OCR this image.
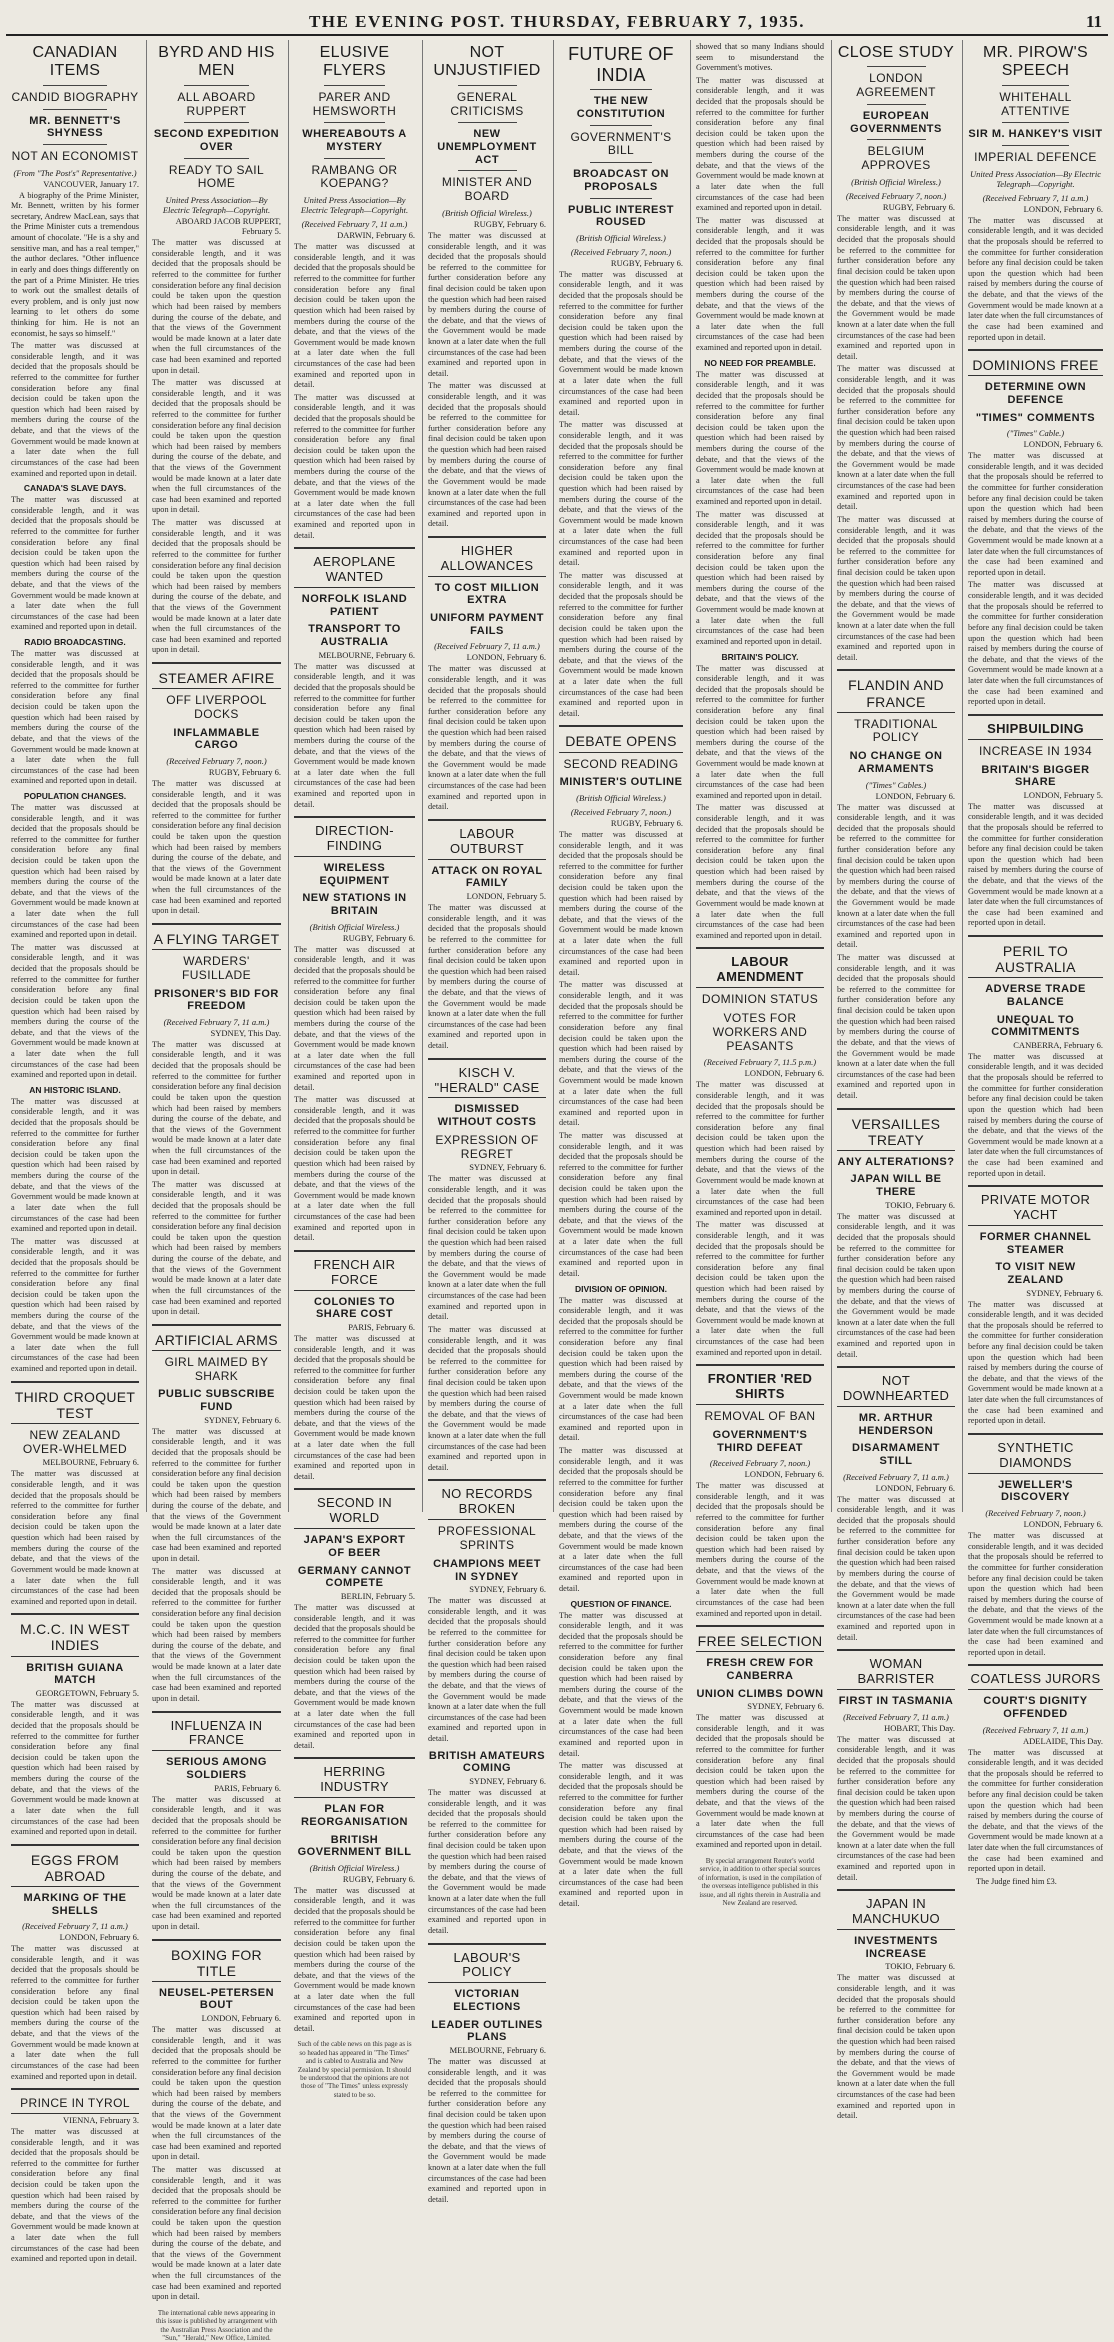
THE EVENING POST. THURSDAY, FEBRUARY 7, 1935.	11
CANADIAN ITEMS
CANDID BIOGRAPHY
MR. BENNETT'S SHYNESS
NOT AN ECONOMIST
(From "The Post's" Representative.)
VANCOUVER, January 17.
A biography of the Prime Minister, Mr. Bennett, written by his former secretary, Andrew MacLean, says that the Prime Minister cuts a tremendous amount of chocolate. "He is a shy and sensitive man, and has a real temper," the author declares. "Other influence in early and does things differently on the part of a Prime Minister. He tries to work out the smallest details of every problem, and is only just now learning to let others do some thinking for him. He is not an economist, he says so himself."
The matter was discussed at considerable length, and it was decided that the proposals should be referred to the committee for further consideration before any final decision could be taken upon the question which had been raised by members during the course of the debate, and that the views of the Government would be made known at a later date when the full circumstances of the case had been examined and reported upon in detail.
CANADA'S SLAVE DAYS.
The matter was discussed at considerable length, and it was decided that the proposals should be referred to the committee for further consideration before any final decision could be taken upon the question which had been raised by members during the course of the debate, and that the views of the Government would be made known at a later date when the full circumstances of the case had been examined and reported upon in detail.
RADIO BROADCASTING.
The matter was discussed at considerable length, and it was decided that the proposals should be referred to the committee for further consideration before any final decision could be taken upon the question which had been raised by members during the course of the debate, and that the views of the Government would be made known at a later date when the full circumstances of the case had been examined and reported upon in detail.
POPULATION CHANGES.
The matter was discussed at considerable length, and it was decided that the proposals should be referred to the committee for further consideration before any final decision could be taken upon the question which had been raised by members during the course of the debate, and that the views of the Government would be made known at a later date when the full circumstances of the case had been examined and reported upon in detail.
The matter was discussed at considerable length, and it was decided that the proposals should be referred to the committee for further consideration before any final decision could be taken upon the question which had been raised by members during the course of the debate, and that the views of the Government would be made known at a later date when the full circumstances of the case had been examined and reported upon in detail.
AN HISTORIC ISLAND.
The matter was discussed at considerable length, and it was decided that the proposals should be referred to the committee for further consideration before any final decision could be taken upon the question which had been raised by members during the course of the debate, and that the views of the Government would be made known at a later date when the full circumstances of the case had been examined and reported upon in detail.
The matter was discussed at considerable length, and it was decided that the proposals should be referred to the committee for further consideration before any final decision could be taken upon the question which had been raised by members during the course of the debate, and that the views of the Government would be made known at a later date when the full circumstances of the case had been examined and reported upon in detail.
THIRD CROQUET TEST
NEW ZEALAND OVER-WHELMED
MELBOURNE, February 6.
The matter was discussed at considerable length, and it was decided that the proposals should be referred to the committee for further consideration before any final decision could be taken upon the question which had been raised by members during the course of the debate, and that the views of the Government would be made known at a later date when the full circumstances of the case had been examined and reported upon in detail.
M.C.C. IN WEST INDIES
BRITISH GUIANA MATCH
GEORGETOWN, February 5.
The matter was discussed at considerable length, and it was decided that the proposals should be referred to the committee for further consideration before any final decision could be taken upon the question which had been raised by members during the course of the debate, and that the views of the Government would be made known at a later date when the full circumstances of the case had been examined and reported upon in detail.
EGGS FROM ABROAD
MARKING OF THE SHELLS
(Received February 7, 11 a.m.)
LONDON, February 6.
The matter was discussed at considerable length, and it was decided that the proposals should be referred to the committee for further consideration before any final decision could be taken upon the question which had been raised by members during the course of the debate, and that the views of the Government would be made known at a later date when the full circumstances of the case had been examined and reported upon in detail.
PRINCE IN TYROL
VIENNA, February 3.
The matter was discussed at considerable length, and it was decided that the proposals should be referred to the committee for further consideration before any final decision could be taken upon the question which had been raised by members during the course of the debate, and that the views of the Government would be made known at a later date when the full circumstances of the case had been examined and reported upon in detail.
BYRD AND HIS MEN
ALL ABOARD RUPPERT
SECOND EXPEDITION OVER
READY TO SAIL HOME
United Press Association—By Electric Telegraph—Copyright.
ABOARD JACOB RUPPERT, February 5.
The matter was discussed at considerable length, and it was decided that the proposals should be referred to the committee for further consideration before any final decision could be taken upon the question which had been raised by members during the course of the debate, and that the views of the Government would be made known at a later date when the full circumstances of the case had been examined and reported upon in detail.
The matter was discussed at considerable length, and it was decided that the proposals should be referred to the committee for further consideration before any final decision could be taken upon the question which had been raised by members during the course of the debate, and that the views of the Government would be made known at a later date when the full circumstances of the case had been examined and reported upon in detail.
The matter was discussed at considerable length, and it was decided that the proposals should be referred to the committee for further consideration before any final decision could be taken upon the question which had been raised by members during the course of the debate, and that the views of the Government would be made known at a later date when the full circumstances of the case had been examined and reported upon in detail.
STEAMER AFIRE
OFF LIVERPOOL DOCKS
INFLAMMABLE CARGO
(Received February 7, noon.)
RUGBY, February 6.
The matter was discussed at considerable length, and it was decided that the proposals should be referred to the committee for further consideration before any final decision could be taken upon the question which had been raised by members during the course of the debate, and that the views of the Government would be made known at a later date when the full circumstances of the case had been examined and reported upon in detail.
A FLYING TARGET
WARDERS' FUSILLADE
PRISONER'S BID FOR FREEDOM
(Received February 7, 11 a.m.)
SYDNEY, This Day.
The matter was discussed at considerable length, and it was decided that the proposals should be referred to the committee for further consideration before any final decision could be taken upon the question which had been raised by members during the course of the debate, and that the views of the Government would be made known at a later date when the full circumstances of the case had been examined and reported upon in detail.
The matter was discussed at considerable length, and it was decided that the proposals should be referred to the committee for further consideration before any final decision could be taken upon the question which had been raised by members during the course of the debate, and that the views of the Government would be made known at a later date when the full circumstances of the case had been examined and reported upon in detail.
ARTIFICIAL ARMS
GIRL MAIMED BY SHARK
PUBLIC SUBSCRIBE FUND
SYDNEY, February 6.
The matter was discussed at considerable length, and it was decided that the proposals should be referred to the committee for further consideration before any final decision could be taken upon the question which had been raised by members during the course of the debate, and that the views of the Government would be made known at a later date when the full circumstances of the case had been examined and reported upon in detail.
The matter was discussed at considerable length, and it was decided that the proposals should be referred to the committee for further consideration before any final decision could be taken upon the question which had been raised by members during the course of the debate, and that the views of the Government would be made known at a later date when the full circumstances of the case had been examined and reported upon in detail.
INFLUENZA IN FRANCE
SERIOUS AMONG SOLDIERS
PARIS, February 6.
The matter was discussed at considerable length, and it was decided that the proposals should be referred to the committee for further consideration before any final decision could be taken upon the question which had been raised by members during the course of the debate, and that the views of the Government would be made known at a later date when the full circumstances of the case had been examined and reported upon in detail.
BOXING FOR TITLE
NEUSEL-PETERSEN BOUT
LONDON, February 6.
The matter was discussed at considerable length, and it was decided that the proposals should be referred to the committee for further consideration before any final decision could be taken upon the question which had been raised by members during the course of the debate, and that the views of the Government would be made known at a later date when the full circumstances of the case had been examined and reported upon in detail.
The matter was discussed at considerable length, and it was decided that the proposals should be referred to the committee for further consideration before any final decision could be taken upon the question which had been raised by members during the course of the debate, and that the views of the Government would be made known at a later date when the full circumstances of the case had been examined and reported upon in detail.
The international cable news appearing in this issue is published by arrangement with the Australian Press Association and the "Sun," "Herald," New Office, Limited.
ELUSIVE FLYERS
PARER AND HEMSWORTH
WHEREABOUTS A MYSTERY
RAMBANG OR KOEPANG?
United Press Association—By Electric Telegraph—Copyright.
(Received February 7, 11 a.m.)
DARWIN, February 6.
The matter was discussed at considerable length, and it was decided that the proposals should be referred to the committee for further consideration before any final decision could be taken upon the question which had been raised by members during the course of the debate, and that the views of the Government would be made known at a later date when the full circumstances of the case had been examined and reported upon in detail.
The matter was discussed at considerable length, and it was decided that the proposals should be referred to the committee for further consideration before any final decision could be taken upon the question which had been raised by members during the course of the debate, and that the views of the Government would be made known at a later date when the full circumstances of the case had been examined and reported upon in detail.
AEROPLANE WANTED
NORFOLK ISLAND PATIENT
TRANSPORT TO AUSTRALIA
MELBOURNE, February 6.
The matter was discussed at considerable length, and it was decided that the proposals should be referred to the committee for further consideration before any final decision could be taken upon the question which had been raised by members during the course of the debate, and that the views of the Government would be made known at a later date when the full circumstances of the case had been examined and reported upon in detail.
DIRECTION-FINDING
WIRELESS EQUIPMENT
NEW STATIONS IN BRITAIN
(British Official Wireless.)
RUGBY, February 6.
The matter was discussed at considerable length, and it was decided that the proposals should be referred to the committee for further consideration before any final decision could be taken upon the question which had been raised by members during the course of the debate, and that the views of the Government would be made known at a later date when the full circumstances of the case had been examined and reported upon in detail.
The matter was discussed at considerable length, and it was decided that the proposals should be referred to the committee for further consideration before any final decision could be taken upon the question which had been raised by members during the course of the debate, and that the views of the Government would be made known at a later date when the full circumstances of the case had been examined and reported upon in detail.
FRENCH AIR FORCE
COLONIES TO SHARE COST
PARIS, February 6.
The matter was discussed at considerable length, and it was decided that the proposals should be referred to the committee for further consideration before any final decision could be taken upon the question which had been raised by members during the course of the debate, and that the views of the Government would be made known at a later date when the full circumstances of the case had been examined and reported upon in detail.
SECOND IN WORLD
JAPAN'S EXPORT OF BEER
GERMANY CANNOT COMPETE
BERLIN, February 5.
The matter was discussed at considerable length, and it was decided that the proposals should be referred to the committee for further consideration before any final decision could be taken upon the question which had been raised by members during the course of the debate, and that the views of the Government would be made known at a later date when the full circumstances of the case had been examined and reported upon in detail.
HERRING INDUSTRY
PLAN FOR REORGANISATION
BRITISH GOVERNMENT BILL
(British Official Wireless.)
RUGBY, February 6.
The matter was discussed at considerable length, and it was decided that the proposals should be referred to the committee for further consideration before any final decision could be taken upon the question which had been raised by members during the course of the debate, and that the views of the Government would be made known at a later date when the full circumstances of the case had been examined and reported upon in detail.
Such of the cable news on this page as is so headed has appeared in "The Times" and is cabled to Australia and New Zealand by special permission. It should be understood that the opinions are not those of "The Times" unless expressly stated to be so.
NOT UNJUSTIFIED
GENERAL CRITICISMS
NEW UNEMPLOYMENT ACT
MINISTER AND BOARD
(British Official Wireless.)
RUGBY, February 6.
The matter was discussed at considerable length, and it was decided that the proposals should be referred to the committee for further consideration before any final decision could be taken upon the question which had been raised by members during the course of the debate, and that the views of the Government would be made known at a later date when the full circumstances of the case had been examined and reported upon in detail.
The matter was discussed at considerable length, and it was decided that the proposals should be referred to the committee for further consideration before any final decision could be taken upon the question which had been raised by members during the course of the debate, and that the views of the Government would be made known at a later date when the full circumstances of the case had been examined and reported upon in detail.
HIGHER ALLOWANCES
TO COST MILLION EXTRA
UNIFORM PAYMENT FAILS
(Received February 7, 11 a.m.)
LONDON, February 6.
The matter was discussed at considerable length, and it was decided that the proposals should be referred to the committee for further consideration before any final decision could be taken upon the question which had been raised by members during the course of the debate, and that the views of the Government would be made known at a later date when the full circumstances of the case had been examined and reported upon in detail.
LABOUR OUTBURST
ATTACK ON ROYAL FAMILY
LONDON, February 5.
The matter was discussed at considerable length, and it was decided that the proposals should be referred to the committee for further consideration before any final decision could be taken upon the question which had been raised by members during the course of the debate, and that the views of the Government would be made known at a later date when the full circumstances of the case had been examined and reported upon in detail.
KISCH V. "HERALD" CASE
DISMISSED WITHOUT COSTS
EXPRESSION OF REGRET
SYDNEY, February 6.
The matter was discussed at considerable length, and it was decided that the proposals should be referred to the committee for further consideration before any final decision could be taken upon the question which had been raised by members during the course of the debate, and that the views of the Government would be made known at a later date when the full circumstances of the case had been examined and reported upon in detail.
The matter was discussed at considerable length, and it was decided that the proposals should be referred to the committee for further consideration before any final decision could be taken upon the question which had been raised by members during the course of the debate, and that the views of the Government would be made known at a later date when the full circumstances of the case had been examined and reported upon in detail.
NO RECORDS BROKEN
PROFESSIONAL SPRINTS
CHAMPIONS MEET IN SYDNEY
SYDNEY, February 6.
The matter was discussed at considerable length, and it was decided that the proposals should be referred to the committee for further consideration before any final decision could be taken upon the question which had been raised by members during the course of the debate, and that the views of the Government would be made known at a later date when the full circumstances of the case had been examined and reported upon in detail.
BRITISH AMATEURS COMING
SYDNEY, February 6.
The matter was discussed at considerable length, and it was decided that the proposals should be referred to the committee for further consideration before any final decision could be taken upon the question which had been raised by members during the course of the debate, and that the views of the Government would be made known at a later date when the full circumstances of the case had been examined and reported upon in detail.
LABOUR'S POLICY
VICTORIAN ELECTIONS
LEADER OUTLINES PLANS
MELBOURNE, February 6.
The matter was discussed at considerable length, and it was decided that the proposals should be referred to the committee for further consideration before any final decision could be taken upon the question which had been raised by members during the course of the debate, and that the views of the Government would be made known at a later date when the full circumstances of the case had been examined and reported upon in detail.
FUTURE OF INDIA
THE NEW CONSTITUTION
GOVERNMENT'S BILL
BROADCAST ON PROPOSALS
PUBLIC INTEREST ROUSED
(British Official Wireless.)
(Received February 7, noon.)
RUGBY, February 6.
The matter was discussed at considerable length, and it was decided that the proposals should be referred to the committee for further consideration before any final decision could be taken upon the question which had been raised by members during the course of the debate, and that the views of the Government would be made known at a later date when the full circumstances of the case had been examined and reported upon in detail.
The matter was discussed at considerable length, and it was decided that the proposals should be referred to the committee for further consideration before any final decision could be taken upon the question which had been raised by members during the course of the debate, and that the views of the Government would be made known at a later date when the full circumstances of the case had been examined and reported upon in detail.
The matter was discussed at considerable length, and it was decided that the proposals should be referred to the committee for further consideration before any final decision could be taken upon the question which had been raised by members during the course of the debate, and that the views of the Government would be made known at a later date when the full circumstances of the case had been examined and reported upon in detail.
DEBATE OPENS
SECOND READING
MINISTER'S OUTLINE
(British Official Wireless.)
(Received February 7, noon.)
RUGBY, February 6.
The matter was discussed at considerable length, and it was decided that the proposals should be referred to the committee for further consideration before any final decision could be taken upon the question which had been raised by members during the course of the debate, and that the views of the Government would be made known at a later date when the full circumstances of the case had been examined and reported upon in detail.
The matter was discussed at considerable length, and it was decided that the proposals should be referred to the committee for further consideration before any final decision could be taken upon the question which had been raised by members during the course of the debate, and that the views of the Government would be made known at a later date when the full circumstances of the case had been examined and reported upon in detail.
The matter was discussed at considerable length, and it was decided that the proposals should be referred to the committee for further consideration before any final decision could be taken upon the question which had been raised by members during the course of the debate, and that the views of the Government would be made known at a later date when the full circumstances of the case had been examined and reported upon in detail.
DIVISION OF OPINION.
The matter was discussed at considerable length, and it was decided that the proposals should be referred to the committee for further consideration before any final decision could be taken upon the question which had been raised by members during the course of the debate, and that the views of the Government would be made known at a later date when the full circumstances of the case had been examined and reported upon in detail.
The matter was discussed at considerable length, and it was decided that the proposals should be referred to the committee for further consideration before any final decision could be taken upon the question which had been raised by members during the course of the debate, and that the views of the Government would be made known at a later date when the full circumstances of the case had been examined and reported upon in detail.
QUESTION OF FINANCE.
The matter was discussed at considerable length, and it was decided that the proposals should be referred to the committee for further consideration before any final decision could be taken upon the question which had been raised by members during the course of the debate, and that the views of the Government would be made known at a later date when the full circumstances of the case had been examined and reported upon in detail.
The matter was discussed at considerable length, and it was decided that the proposals should be referred to the committee for further consideration before any final decision could be taken upon the question which had been raised by members during the course of the debate, and that the views of the Government would be made known at a later date when the full circumstances of the case had been examined and reported upon in detail.
showed that so many Indians should seem to misunderstand the Government's motives.
The matter was discussed at considerable length, and it was decided that the proposals should be referred to the committee for further consideration before any final decision could be taken upon the question which had been raised by members during the course of the debate, and that the views of the Government would be made known at a later date when the full circumstances of the case had been examined and reported upon in detail.
The matter was discussed at considerable length, and it was decided that the proposals should be referred to the committee for further consideration before any final decision could be taken upon the question which had been raised by members during the course of the debate, and that the views of the Government would be made known at a later date when the full circumstances of the case had been examined and reported upon in detail.
NO NEED FOR PREAMBLE.
The matter was discussed at considerable length, and it was decided that the proposals should be referred to the committee for further consideration before any final decision could be taken upon the question which had been raised by members during the course of the debate, and that the views of the Government would be made known at a later date when the full circumstances of the case had been examined and reported upon in detail.
The matter was discussed at considerable length, and it was decided that the proposals should be referred to the committee for further consideration before any final decision could be taken upon the question which had been raised by members during the course of the debate, and that the views of the Government would be made known at a later date when the full circumstances of the case had been examined and reported upon in detail.
BRITAIN'S POLICY.
The matter was discussed at considerable length, and it was decided that the proposals should be referred to the committee for further consideration before any final decision could be taken upon the question which had been raised by members during the course of the debate, and that the views of the Government would be made known at a later date when the full circumstances of the case had been examined and reported upon in detail.
The matter was discussed at considerable length, and it was decided that the proposals should be referred to the committee for further consideration before any final decision could be taken upon the question which had been raised by members during the course of the debate, and that the views of the Government would be made known at a later date when the full circumstances of the case had been examined and reported upon in detail.
LABOUR AMENDMENT
DOMINION STATUS
VOTES FOR WORKERS AND PEASANTS
(Received February 7, 11.5 p.m.)
LONDON, February 6.
The matter was discussed at considerable length, and it was decided that the proposals should be referred to the committee for further consideration before any final decision could be taken upon the question which had been raised by members during the course of the debate, and that the views of the Government would be made known at a later date when the full circumstances of the case had been examined and reported upon in detail.
The matter was discussed at considerable length, and it was decided that the proposals should be referred to the committee for further consideration before any final decision could be taken upon the question which had been raised by members during the course of the debate, and that the views of the Government would be made known at a later date when the full circumstances of the case had been examined and reported upon in detail.
FRONTIER 'RED SHIRTS
REMOVAL OF BAN
GOVERNMENT'S THIRD DEFEAT
(Received February 7, noon.)
LONDON, February 6.
The matter was discussed at considerable length, and it was decided that the proposals should be referred to the committee for further consideration before any final decision could be taken upon the question which had been raised by members during the course of the debate, and that the views of the Government would be made known at a later date when the full circumstances of the case had been examined and reported upon in detail.
FREE SELECTION
FRESH CREW FOR CANBERRA
UNION CLIMBS DOWN
SYDNEY, February 6.
The matter was discussed at considerable length, and it was decided that the proposals should be referred to the committee for further consideration before any final decision could be taken upon the question which had been raised by members during the course of the debate, and that the views of the Government would be made known at a later date when the full circumstances of the case had been examined and reported upon in detail.
By special arrangement Reuter's world service, in addition to other special sources of information, is used in the compilation of the overseas intelligence published in this issue, and all rights therein in Australia and New Zealand are reserved.
CLOSE STUDY
LONDON AGREEMENT
EUROPEAN GOVERNMENTS
BELGIUM APPROVES
(British Official Wireless.)
(Received February 7, noon.)
RUGBY, February 6.
The matter was discussed at considerable length, and it was decided that the proposals should be referred to the committee for further consideration before any final decision could be taken upon the question which had been raised by members during the course of the debate, and that the views of the Government would be made known at a later date when the full circumstances of the case had been examined and reported upon in detail.
The matter was discussed at considerable length, and it was decided that the proposals should be referred to the committee for further consideration before any final decision could be taken upon the question which had been raised by members during the course of the debate, and that the views of the Government would be made known at a later date when the full circumstances of the case had been examined and reported upon in detail.
The matter was discussed at considerable length, and it was decided that the proposals should be referred to the committee for further consideration before any final decision could be taken upon the question which had been raised by members during the course of the debate, and that the views of the Government would be made known at a later date when the full circumstances of the case had been examined and reported upon in detail.
FLANDIN AND FRANCE
TRADITIONAL POLICY
NO CHANGE ON ARMAMENTS
("Times" Cables.)
LONDON, February 6.
The matter was discussed at considerable length, and it was decided that the proposals should be referred to the committee for further consideration before any final decision could be taken upon the question which had been raised by members during the course of the debate, and that the views of the Government would be made known at a later date when the full circumstances of the case had been examined and reported upon in detail.
The matter was discussed at considerable length, and it was decided that the proposals should be referred to the committee for further consideration before any final decision could be taken upon the question which had been raised by members during the course of the debate, and that the views of the Government would be made known at a later date when the full circumstances of the case had been examined and reported upon in detail.
VERSAILLES TREATY
ANY ALTERATIONS?
JAPAN WILL BE THERE
TOKIO, February 6.
The matter was discussed at considerable length, and it was decided that the proposals should be referred to the committee for further consideration before any final decision could be taken upon the question which had been raised by members during the course of the debate, and that the views of the Government would be made known at a later date when the full circumstances of the case had been examined and reported upon in detail.
NOT DOWNHEARTED
MR. ARTHUR HENDERSON
DISARMAMENT STILL
(Received February 7, 11 a.m.)
LONDON, February 6.
The matter was discussed at considerable length, and it was decided that the proposals should be referred to the committee for further consideration before any final decision could be taken upon the question which had been raised by members during the course of the debate, and that the views of the Government would be made known at a later date when the full circumstances of the case had been examined and reported upon in detail.
WOMAN BARRISTER
FIRST IN TASMANIA
(Received February 7, 11 a.m.)
HOBART, This Day.
The matter was discussed at considerable length, and it was decided that the proposals should be referred to the committee for further consideration before any final decision could be taken upon the question which had been raised by members during the course of the debate, and that the views of the Government would be made known at a later date when the full circumstances of the case had been examined and reported upon in detail.
JAPAN IN MANCHUKUO
INVESTMENTS INCREASE
TOKIO, February 6.
The matter was discussed at considerable length, and it was decided that the proposals should be referred to the committee for further consideration before any final decision could be taken upon the question which had been raised by members during the course of the debate, and that the views of the Government would be made known at a later date when the full circumstances of the case had been examined and reported upon in detail.
MR. PIROW'S SPEECH
WHITEHALL ATTENTIVE
SIR M. HANKEY'S VISIT
IMPERIAL DEFENCE
United Press Association—By Electric Telegraph—Copyright.
(Received February 7, 11 a.m.)
LONDON, February 6.
The matter was discussed at considerable length, and it was decided that the proposals should be referred to the committee for further consideration before any final decision could be taken upon the question which had been raised by members during the course of the debate, and that the views of the Government would be made known at a later date when the full circumstances of the case had been examined and reported upon in detail.
DOMINIONS FREE
DETERMINE OWN DEFENCE
"TIMES" COMMENTS
("Times" Cable.)
LONDON, February 6.
The matter was discussed at considerable length, and it was decided that the proposals should be referred to the committee for further consideration before any final decision could be taken upon the question which had been raised by members during the course of the debate, and that the views of the Government would be made known at a later date when the full circumstances of the case had been examined and reported upon in detail.
The matter was discussed at considerable length, and it was decided that the proposals should be referred to the committee for further consideration before any final decision could be taken upon the question which had been raised by members during the course of the debate, and that the views of the Government would be made known at a later date when the full circumstances of the case had been examined and reported upon in detail.
SHIPBUILDING
INCREASE IN 1934
BRITAIN'S BIGGER SHARE
LONDON, February 5.
The matter was discussed at considerable length, and it was decided that the proposals should be referred to the committee for further consideration before any final decision could be taken upon the question which had been raised by members during the course of the debate, and that the views of the Government would be made known at a later date when the full circumstances of the case had been examined and reported upon in detail.
PERIL TO AUSTRALIA
ADVERSE TRADE BALANCE
UNEQUAL TO COMMITMENTS
CANBERRA, February 6.
The matter was discussed at considerable length, and it was decided that the proposals should be referred to the committee for further consideration before any final decision could be taken upon the question which had been raised by members during the course of the debate, and that the views of the Government would be made known at a later date when the full circumstances of the case had been examined and reported upon in detail.
PRIVATE MOTOR YACHT
FORMER CHANNEL STEAMER
TO VISIT NEW ZEALAND
SYDNEY, February 6.
The matter was discussed at considerable length, and it was decided that the proposals should be referred to the committee for further consideration before any final decision could be taken upon the question which had been raised by members during the course of the debate, and that the views of the Government would be made known at a later date when the full circumstances of the case had been examined and reported upon in detail.
SYNTHETIC DIAMONDS
JEWELLER'S DISCOVERY
(Received February 7, noon.)
LONDON, February 6.
The matter was discussed at considerable length, and it was decided that the proposals should be referred to the committee for further consideration before any final decision could be taken upon the question which had been raised by members during the course of the debate, and that the views of the Government would be made known at a later date when the full circumstances of the case had been examined and reported upon in detail.
COATLESS JURORS
COURT'S DIGNITY OFFENDED
(Received February 7, 11 a.m.)
ADELAIDE, This Day.
The matter was discussed at considerable length, and it was decided that the proposals should be referred to the committee for further consideration before any final decision could be taken upon the question which had been raised by members during the course of the debate, and that the views of the Government would be made known at a later date when the full circumstances of the case had been examined and reported upon in detail.
The Judge fined him £3.
